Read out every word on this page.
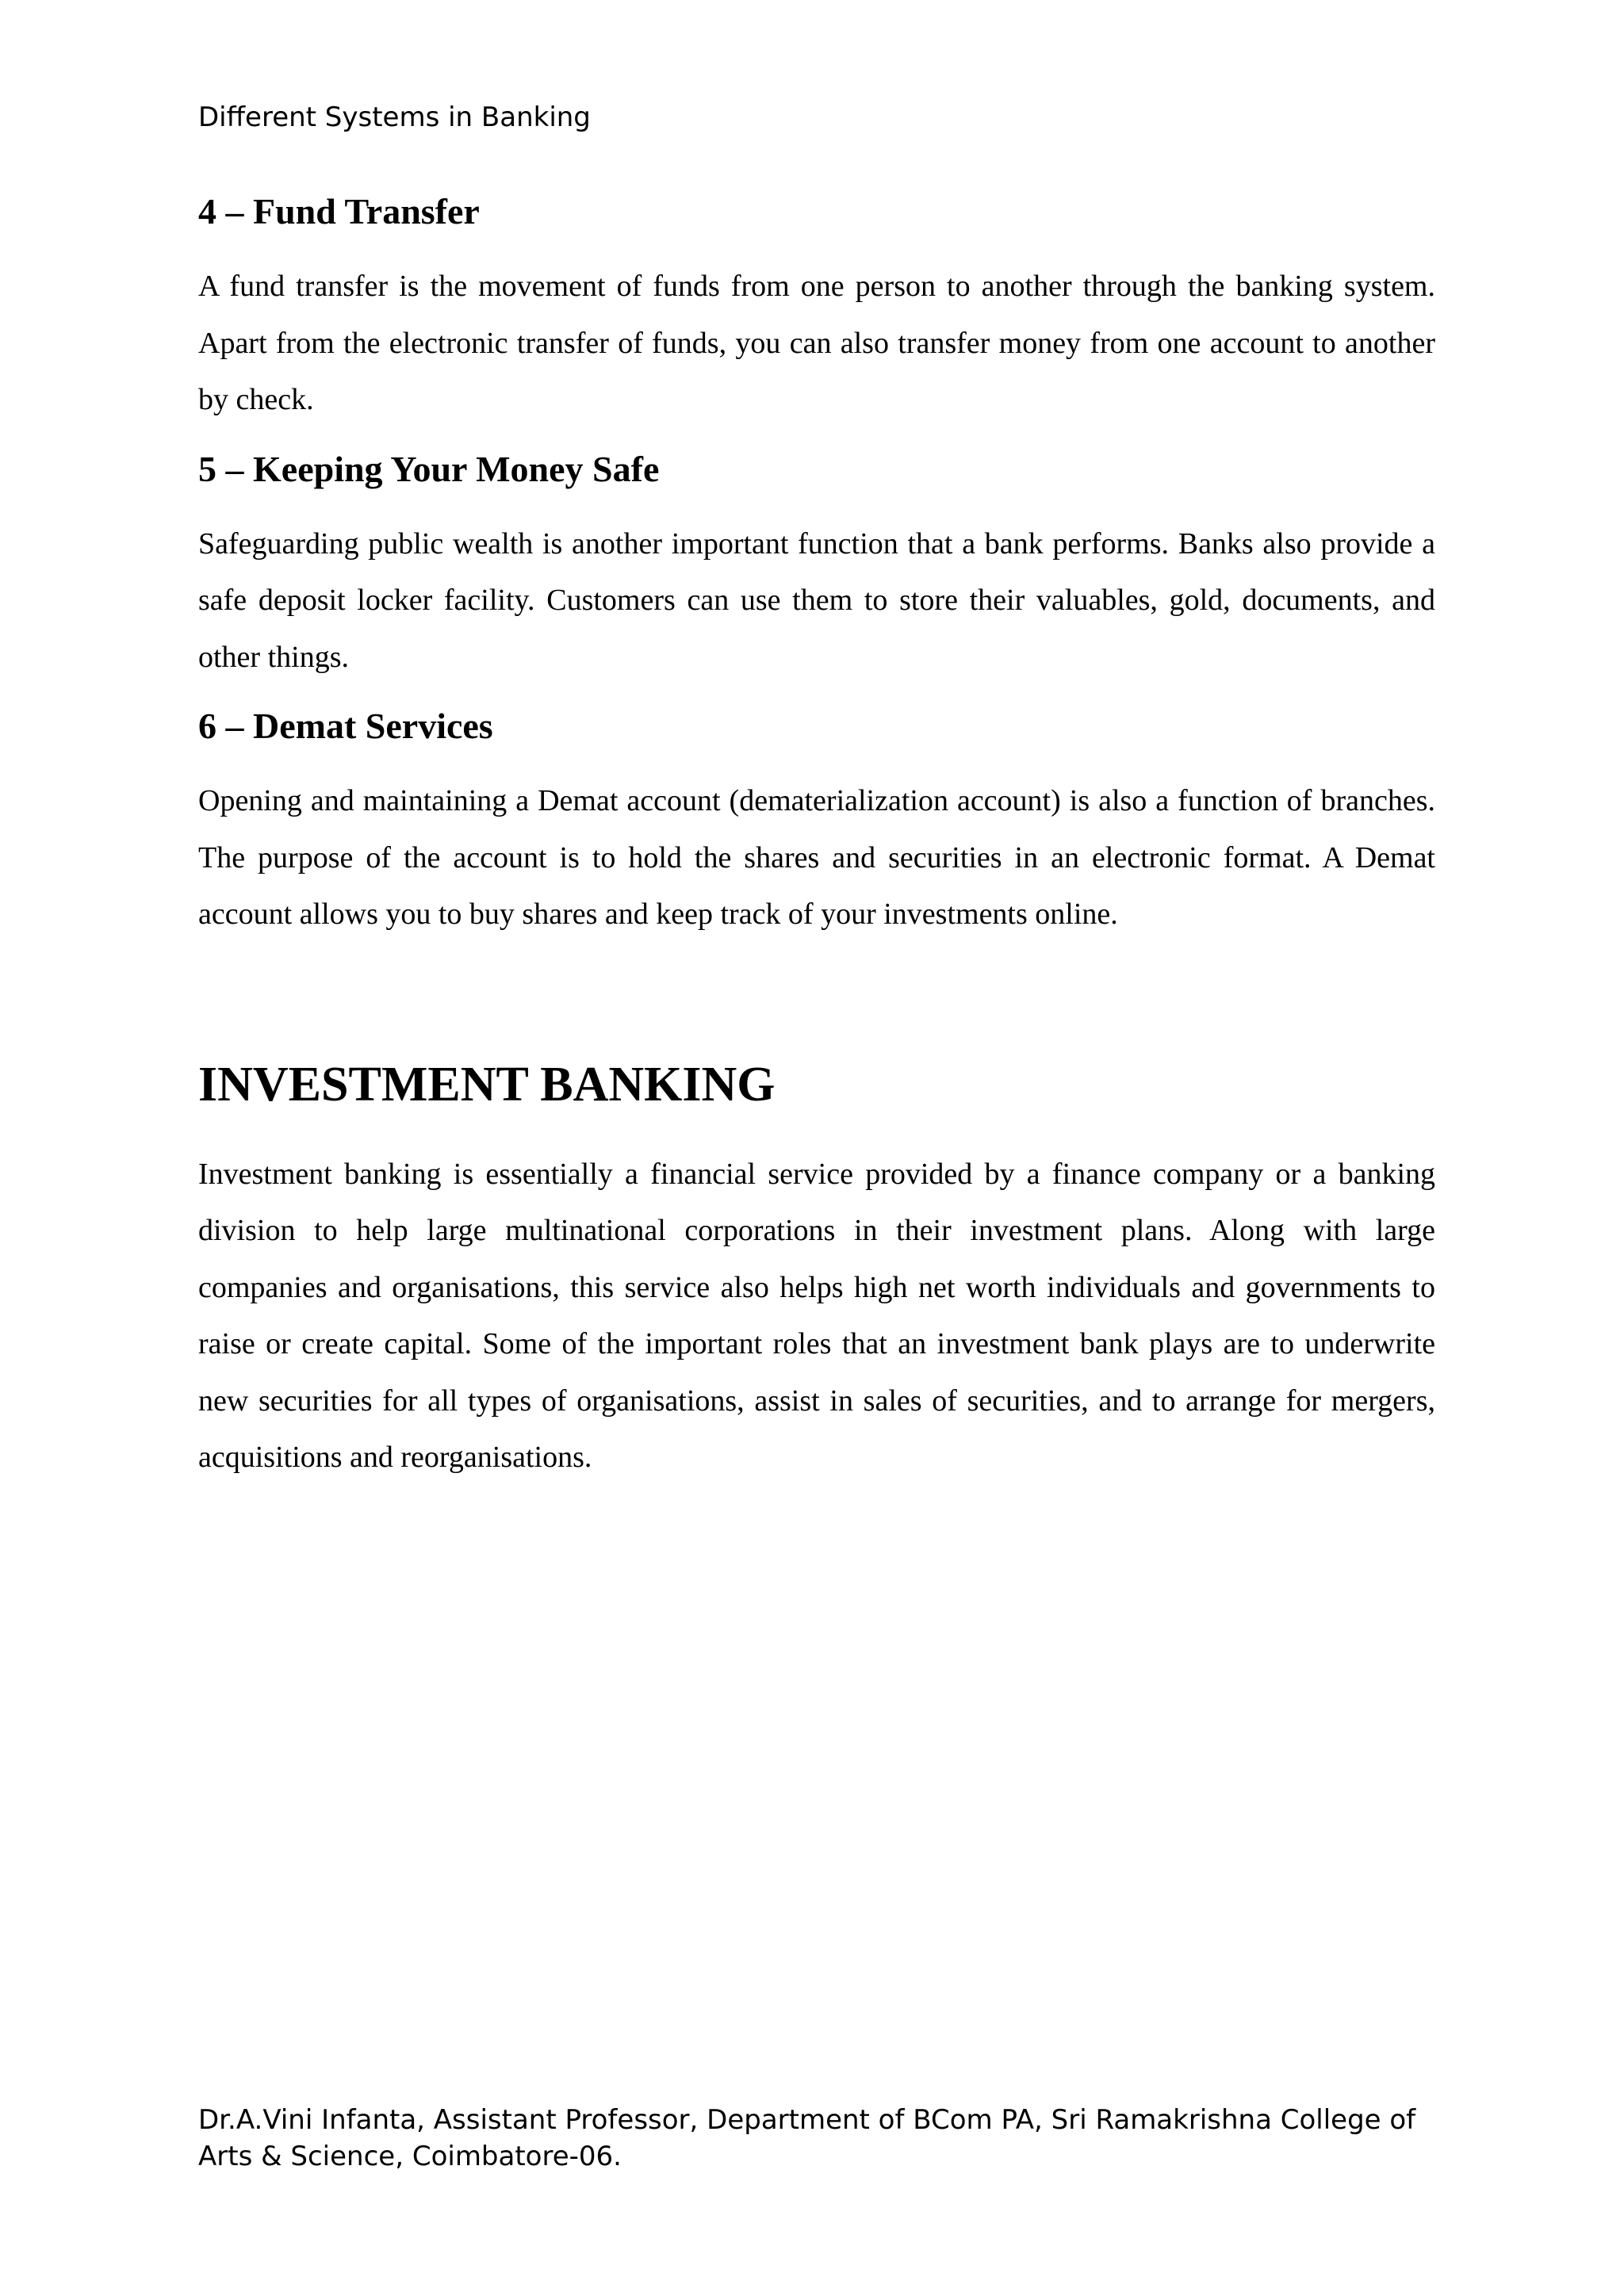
Different Systems in Banking

4 – Fund Transfer

A fund transfer is the movement of funds from one person to another through the banking system. Apart from the electronic transfer of funds, you can also transfer money from one account to another by check.

5 – Keeping Your Money Safe

Safeguarding public wealth is another important function that a bank performs. Banks also provide a safe deposit locker facility. Customers can use them to store their valuables, gold, documents, and other things.

6 – Demat Services

Opening and maintaining a Demat account (dematerialization account) is also a function of branches. The purpose of the account is to hold the shares and securities in an electronic format. A Demat account allows you to buy shares and keep track of your investments online.

INVESTMENT BANKING

Investment banking is essentially a financial service provided by a finance company or a banking division to help large multinational corporations in their investment plans. Along with large companies and organisations, this service also helps high net worth individuals and governments to raise or create capital. Some of the important roles that an investment bank plays are to underwrite new securities for all types of organisations, assist in sales of securities, and to arrange for mergers, acquisitions and reorganisations.

Dr.A.Vini Infanta, Assistant Professor, Department of BCom PA, Sri Ramakrishna College of Arts & Science, Coimbatore-06.
